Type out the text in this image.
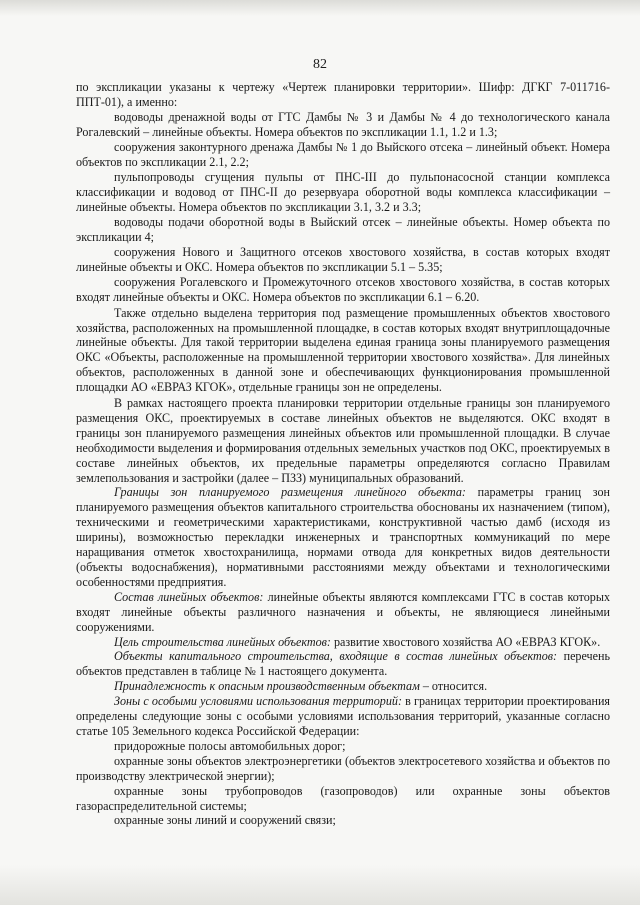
82

по экспликации указаны к чертежу «Чертеж планировки территории». Шифр: ДГКГ 7-011716-ППТ-01), а именно:

водоводы дренажной воды от ГТС Дамбы № 3 и Дамбы № 4 до технологического канала Рогалевский – линейные объекты. Номера объектов по экспликации 1.1, 1.2 и 1.3;

сооружения законтурного дренажа Дамбы № 1 до Выйского отсека – линейный объект. Номера объектов по экспликации 2.1, 2.2;

пульпопроводы сгущения пульпы от ПНС-III до пульпонасосной станции комплекса классификации и водовод от ПНС-II до резервуара оборотной воды комплекса классификации – линейные объекты. Номера объектов по экспликации 3.1, 3.2 и 3.3;

водоводы подачи оборотной воды в Выйский отсек – линейные объекты. Номер объекта по экспликации 4;

сооружения Нового и Защитного отсеков хвостового хозяйства, в состав которых входят линейные объекты и ОКС. Номера объектов по экспликации 5.1 – 5.35;

сооружения Рогалевского и Промежуточного отсеков хвостового хозяйства, в состав которых входят линейные объекты и ОКС. Номера объектов по экспликации 6.1 – 6.20.

Также отдельно выделена территория под размещение промышленных объектов хвостового хозяйства, расположенных на промышленной площадке, в состав которых входят внутриплощадочные линейные объекты. Для такой территории выделена единая граница зоны планируемого размещения ОКС «Объекты, расположенные на промышленной территории хвостового хозяйства». Для линейных объектов, расположенных в данной зоне и обеспечивающих функционирования промышленной площадки АО «ЕВРАЗ КГОК», отдельные границы зон не определены.

В рамках настоящего проекта планировки территории отдельные границы зон планируемого размещения ОКС, проектируемых в составе линейных объектов не выделяются. ОКС входят в границы зон планируемого размещения линейных объектов или промышленной площадки. В случае необходимости выделения и формирования отдельных земельных участков под ОКС, проектируемых в составе линейных объектов, их предельные параметры определяются согласно Правилам землепользования и застройки (далее – ПЗЗ) муниципальных образований.

Границы зон планируемого размещения линейного объекта: параметры границ зон планируемого размещения объектов капитального строительства обоснованы их назначением (типом), техническими и геометрическими характеристиками, конструктивной частью дамб (исходя из ширины), возможностью перекладки инженерных и транспортных коммуникаций по мере наращивания отметок хвостохранилища, нормами отвода для конкретных видов деятельности (объекты водоснабжения), нормативными расстояниями между объектами и технологическими особенностями предприятия.

Состав линейных объектов: линейные объекты являются комплексами ГТС в состав которых входят линейные объекты различного назначения и объекты, не являющиеся линейными сооружениями.

Цель строительства линейных объектов: развитие хвостового хозяйства АО «ЕВРАЗ КГОК».

Объекты капитального строительства, входящие в состав линейных объектов: перечень объектов представлен в таблице № 1 настоящего документа.

Принадлежность к опасным производственным объектам – относится.

Зоны с особыми условиями использования территорий: в границах территории проектирования определены следующие зоны с особыми условиями использования территорий, указанные согласно статье 105 Земельного кодекса Российской Федерации:

придорожные полосы автомобильных дорог;

охранные зоны объектов электроэнергетики (объектов электросетевого хозяйства и объектов по производству электрической энергии);

охранные зоны трубопроводов (газопроводов) или охранные зоны объектов газораспределительной системы;

охранные зоны линий и сооружений связи;
